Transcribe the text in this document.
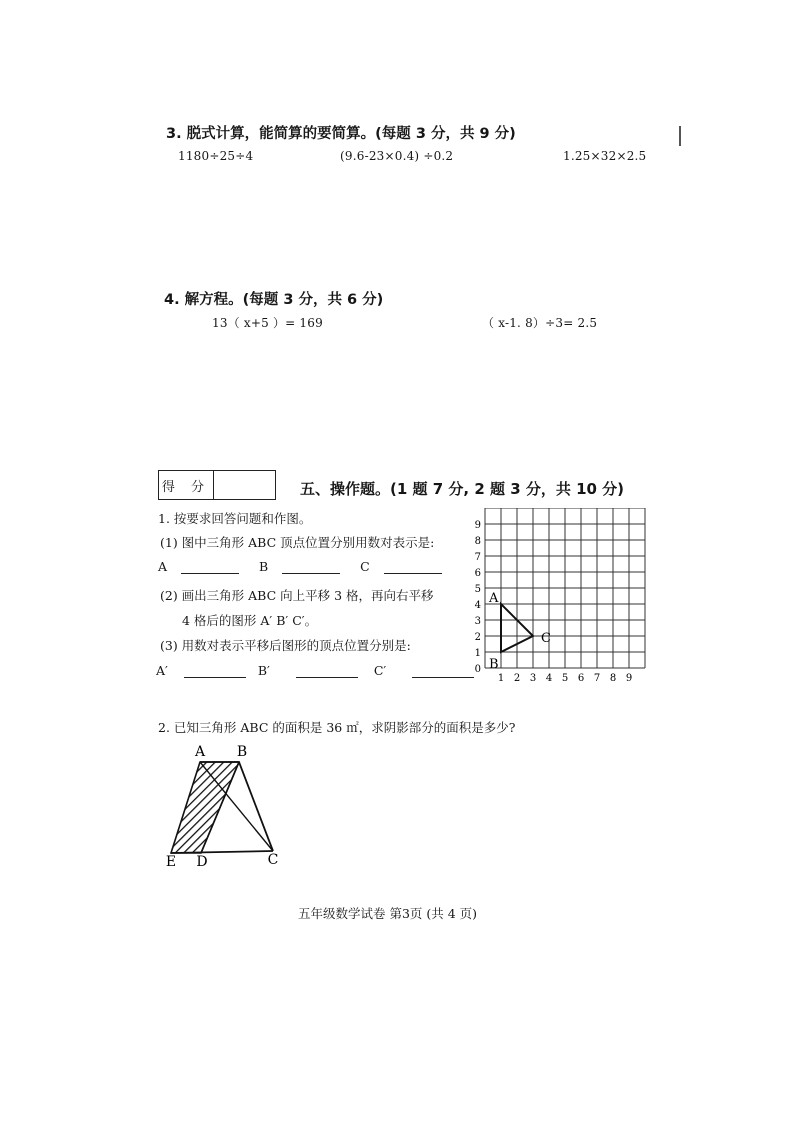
3. 脱式计算，能简算的要简算。(每题 3 分，共 9 分)
1180÷25÷4	(9.6-23×0.4) ÷0.2	1.25×32×2.5
4. 解方程。(每题 3 分，共 6 分)
13（ x+5 ）= 169	（ x-1. 8）÷3= 2.5
得 分	五、操作题。(1 题 7 分, 2 题 3 分，共 10 分)
1. 按要求回答问题和作图。
(1) 图中三角形 ABC 顶点位置分别用数对表示是:
A	B	C
(2) 画出三角形 ABC 向上平移 3 格，再向右平移
4 格后的图形 A′ B′ C′。
(3) 用数对表示平移后图形的顶点位置分别是:
A′	B′	C′
1 2 3 4 5 6 7 8 9
0
1
2
3
4
5
6
7
8
9
A
B
C
2. 已知三角形 ABC 的面积是 36 ㎡，求阴影部分的面积是多少?
A B
C
D
E
五年级数学试卷 第3页 (共 4 页)
